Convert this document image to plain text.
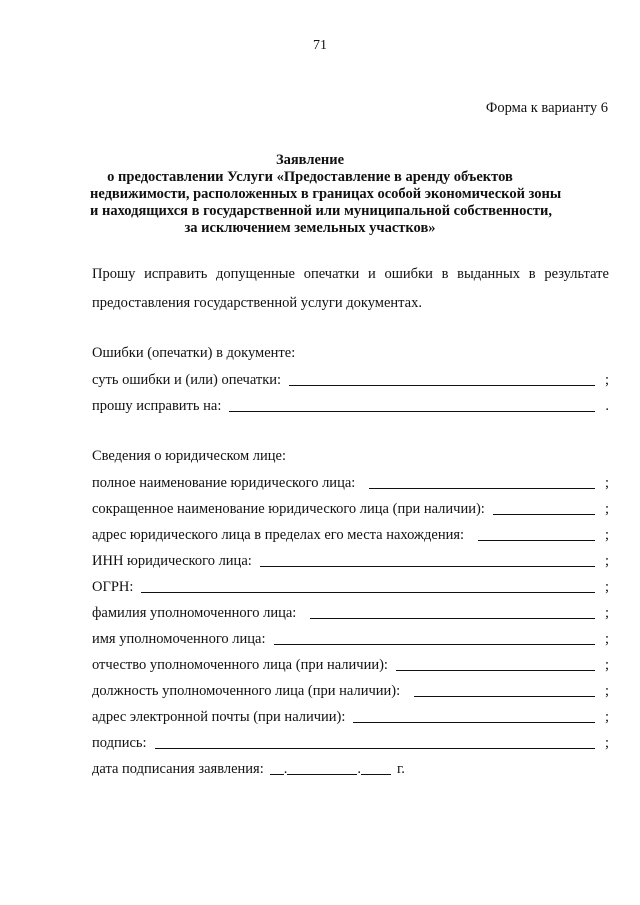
71
Форма к варианту 6
Заявление
о предоставлении Услуги «Предоставление в аренду объектов
недвижимости, расположенных в границах особой экономической зоны
и находящихся в государственной или муниципальной собственности,
за исключением земельных участков»
Прошу исправить допущенные опечатки и ошибки в выданных в результате
предоставления государственной услуги документах.
Ошибки (опечатки) в документе:
суть ошибки и (или) опечатки:	;
прошу исправить на:	.
Сведения о юридическом лице:
полное наименование юридического лица:	;
сокращенное наименование юридического лица (при наличии):	;
адрес юридического лица в пределах его места нахождения:	;
ИНН юридического лица:	;
ОГРН:	;
фамилия уполномоченного лица:	;
имя уполномоченного лица:	;
отчество уполномоченного лица (при наличии):	;
должность уполномоченного лица (при наличии):	;
адрес электронной почты (при наличии):	;
подпись:	;
дата подписания заявления: .	. г.
